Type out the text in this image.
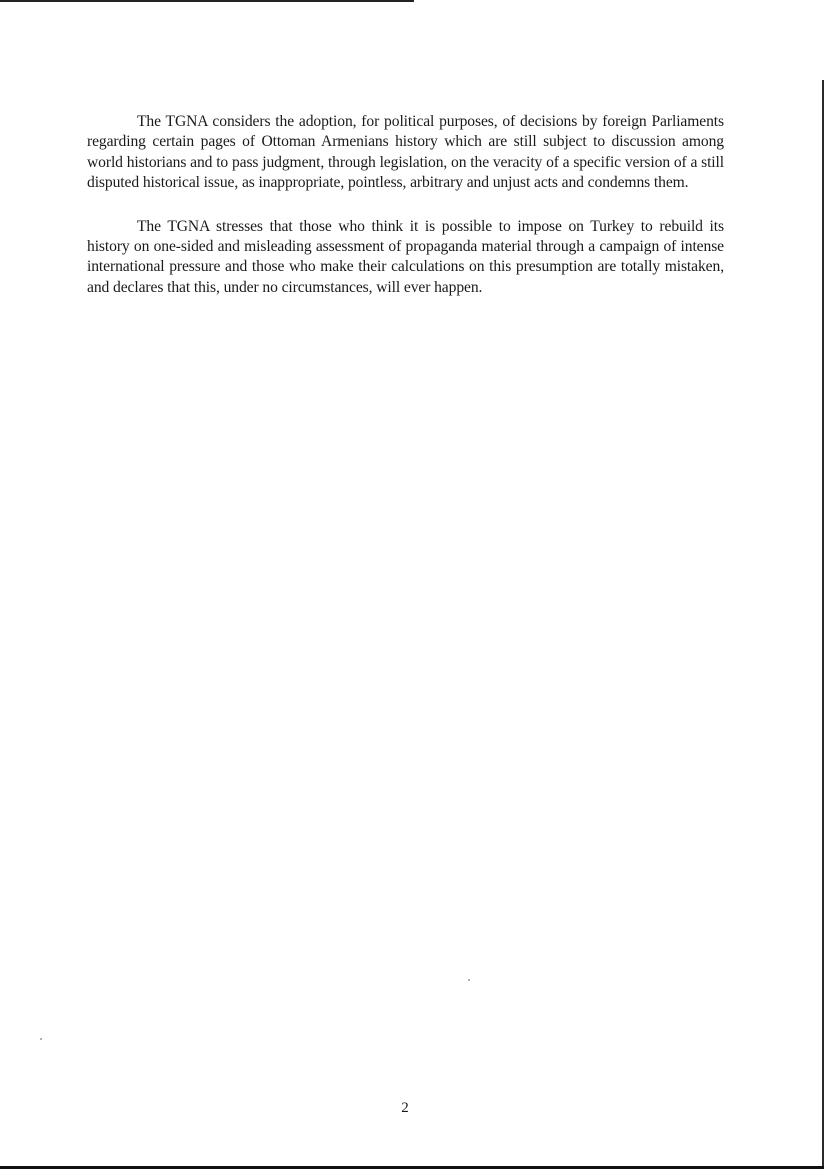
The TGNA considers the adoption, for political purposes, of decisions by foreign Parliaments regarding certain pages of Ottoman Armenians history which are still subject to discussion among world historians and to pass judgment, through legislation, on the veracity of a specific version of a still disputed historical issue, as inappropriate, pointless, arbitrary and unjust acts and condemns them.

The TGNA stresses that those who think it is possible to impose on Turkey to rebuild its history on one-sided and misleading assessment of propaganda material through a campaign of intense international pressure and those who make their calculations on this presumption are totally mistaken, and declares that this, under no circumstances, will ever happen.

2
